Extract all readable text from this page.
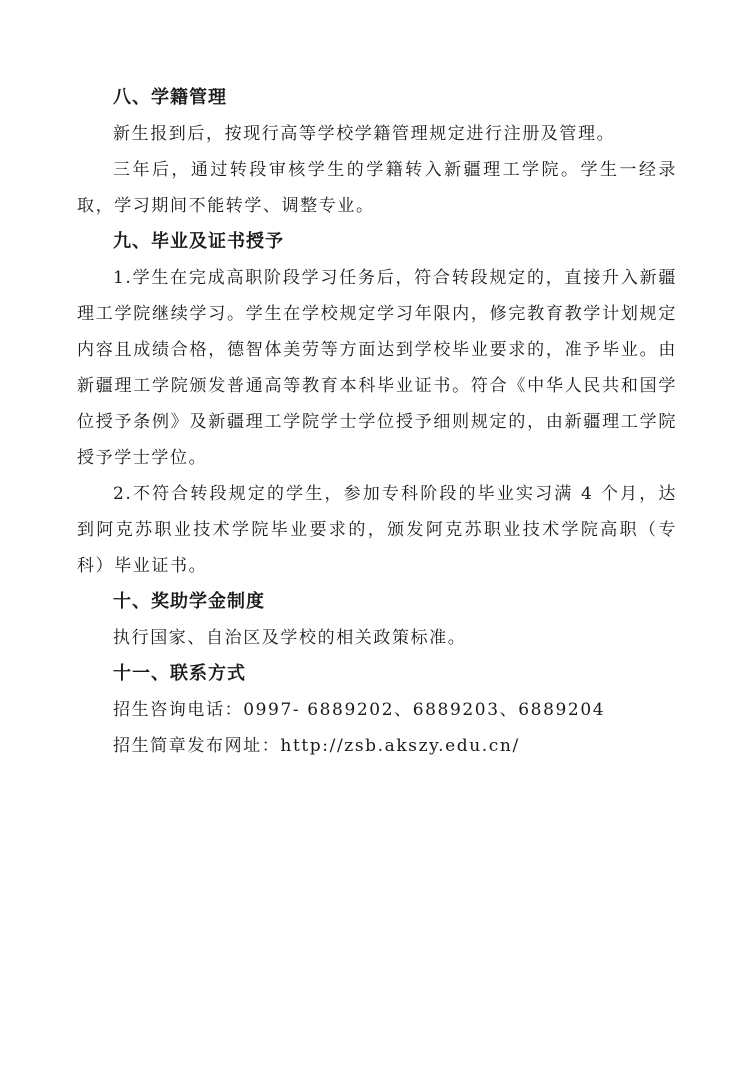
八、学籍管理

新生报到后，按现行高等学校学籍管理规定进行注册及管理。

三年后，通过转段审核学生的学籍转入新疆理工学院。学生一经录取，学习期间不能转学、调整专业。

九、毕业及证书授予

1.学生在完成高职阶段学习任务后，符合转段规定的，直接升入新疆理工学院继续学习。学生在学校规定学习年限内，修完教育教学计划规定内容且成绩合格，德智体美劳等方面达到学校毕业要求的，准予毕业。由新疆理工学院颁发普通高等教育本科毕业证书。符合《中华人民共和国学位授予条例》及新疆理工学院学士学位授予细则规定的，由新疆理工学院授予学士学位。

2.不符合转段规定的学生，参加专科阶段的毕业实习满 4 个月，达到阿克苏职业技术学院毕业要求的，颁发阿克苏职业技术学院高职（专科）毕业证书。

十、奖助学金制度

执行国家、自治区及学校的相关政策标准。

十一、联系方式

招生咨询电话：0997- 6889202、6889203、6889204

招生简章发布网址：http://zsb.akszy.edu.cn/
